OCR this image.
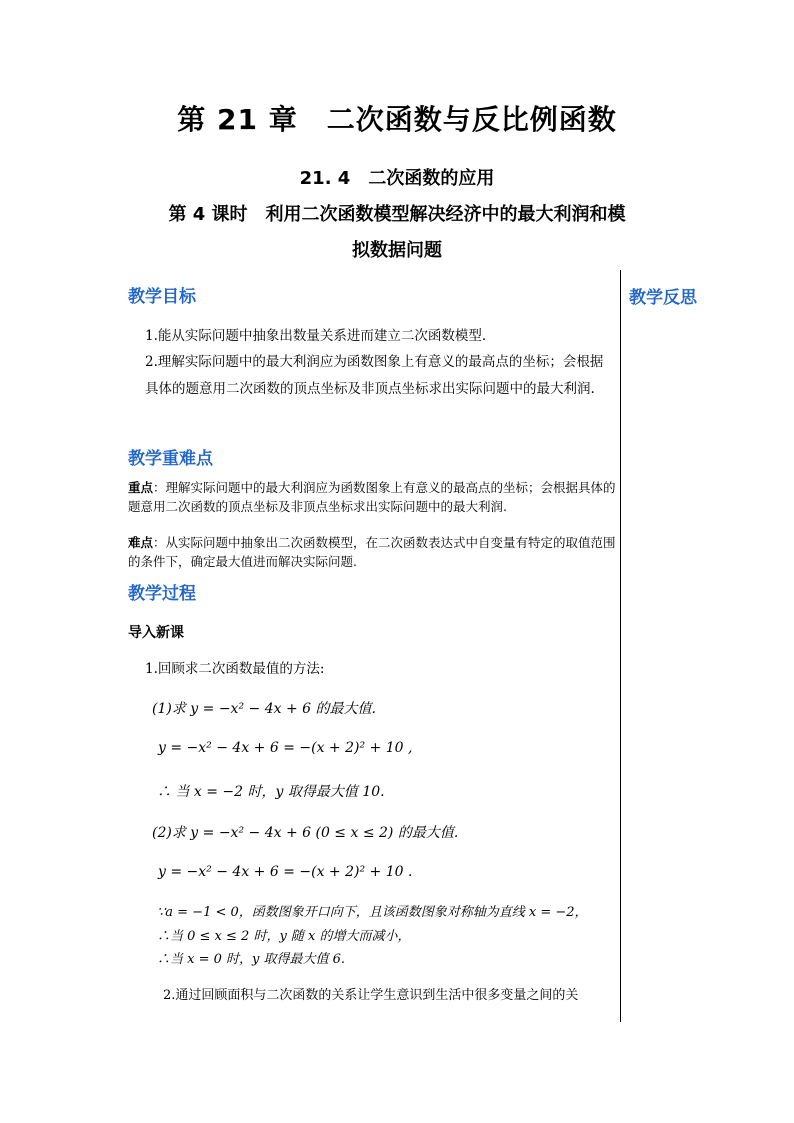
第 21 章　二次函数与反比例函数
21. 4　二次函数的应用
第 4 课时　利用二次函数模型解决经济中的最大利润和模
拟数据问题
教学目标	教学反思
1.能从实际问题中抽象出数量关系进而建立二次函数模型.
2.理解实际问题中的最大利润应为函数图象上有意义的最高点的坐标；会根据具体的题意用二次函数的顶点坐标及非顶点坐标求出实际问题中的最大利润.
教学重难点
重点：理解实际问题中的最大利润应为函数图象上有意义的最高点的坐标；会根据具体的题意用二次函数的顶点坐标及非顶点坐标求出实际问题中的最大利润.
难点：从实际问题中抽象出二次函数模型，在二次函数表达式中自变量有特定的取值范围的条件下，确定最大值进而解决实际问题.
教学过程
导入新课
1.回顾求二次函数最值的方法:
(1)求 y = −x² − 4x + 6 的最大值.
y = −x² − 4x + 6 = −(x + 2)² + 10 ,
∴ 当 x = −2 时，y 取得最大值 10.
(2)求 y = −x² − 4x + 6 (0 ≤ x ≤ 2) 的最大值.
y = −x² − 4x + 6 = −(x + 2)² + 10 .
∵a = −1 < 0，函数图象开口向下，且该函数图象对称轴为直线 x = −2，
∴当 0 ≤ x ≤ 2 时，y 随 x 的增大而减小，
∴当 x = 0 时，y 取得最大值 6.
2.通过回顾面积与二次函数的关系让学生意识到生活中很多变量之间的关
